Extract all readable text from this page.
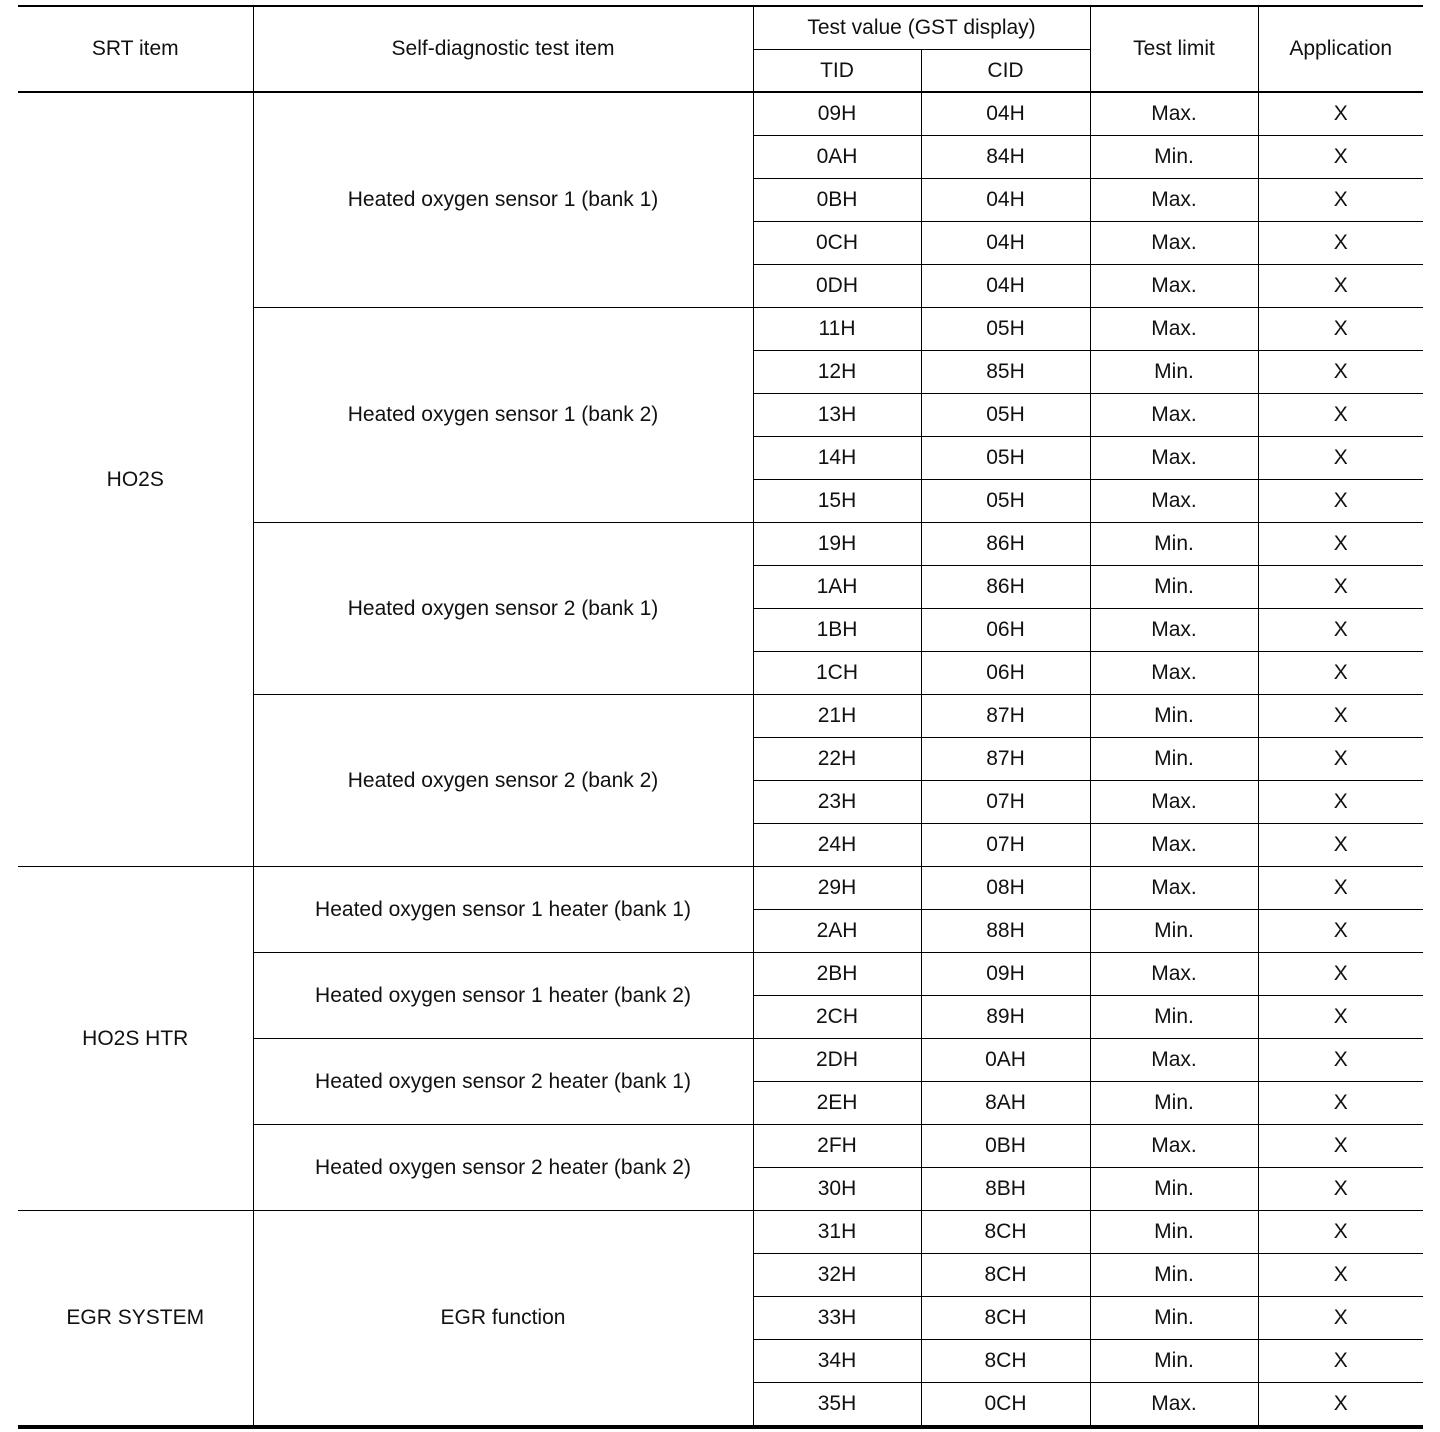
SRT item	Self-diagnostic test item	Test value (GST display)		Test limit	Application
		TID	CID		
HO2S	Heated oxygen sensor 1 (bank 1)	09H	04H	Max.	X
		0AH	84H	Min.	X
		0BH	04H	Max.	X
		0CH	04H	Max.	X
		0DH	04H	Max.	X
	Heated oxygen sensor 1 (bank 2)	11H	05H	Max.	X
		12H	85H	Min.	X
		13H	05H	Max.	X
		14H	05H	Max.	X
		15H	05H	Max.	X
	Heated oxygen sensor 2 (bank 1)	19H	86H	Min.	X
		1AH	86H	Min.	X
		1BH	06H	Max.	X
		1CH	06H	Max.	X
	Heated oxygen sensor 2 (bank 2)	21H	87H	Min.	X
		22H	87H	Min.	X
		23H	07H	Max.	X
		24H	07H	Max.	X
HO2S HTR	Heated oxygen sensor 1 heater (bank 1)	29H	08H	Max.	X
		2AH	88H	Min.	X
	Heated oxygen sensor 1 heater (bank 2)	2BH	09H	Max.	X
		2CH	89H	Min.	X
	Heated oxygen sensor 2 heater (bank 1)	2DH	0AH	Max.	X
		2EH	8AH	Min.	X
	Heated oxygen sensor 2 heater (bank 2)	2FH	0BH	Max.	X
		30H	8BH	Min.	X
EGR SYSTEM	EGR function	31H	8CH	Min.	X
		32H	8CH	Min.	X
		33H	8CH	Min.	X
		34H	8CH	Min.	X
		35H	0CH	Max.	X
